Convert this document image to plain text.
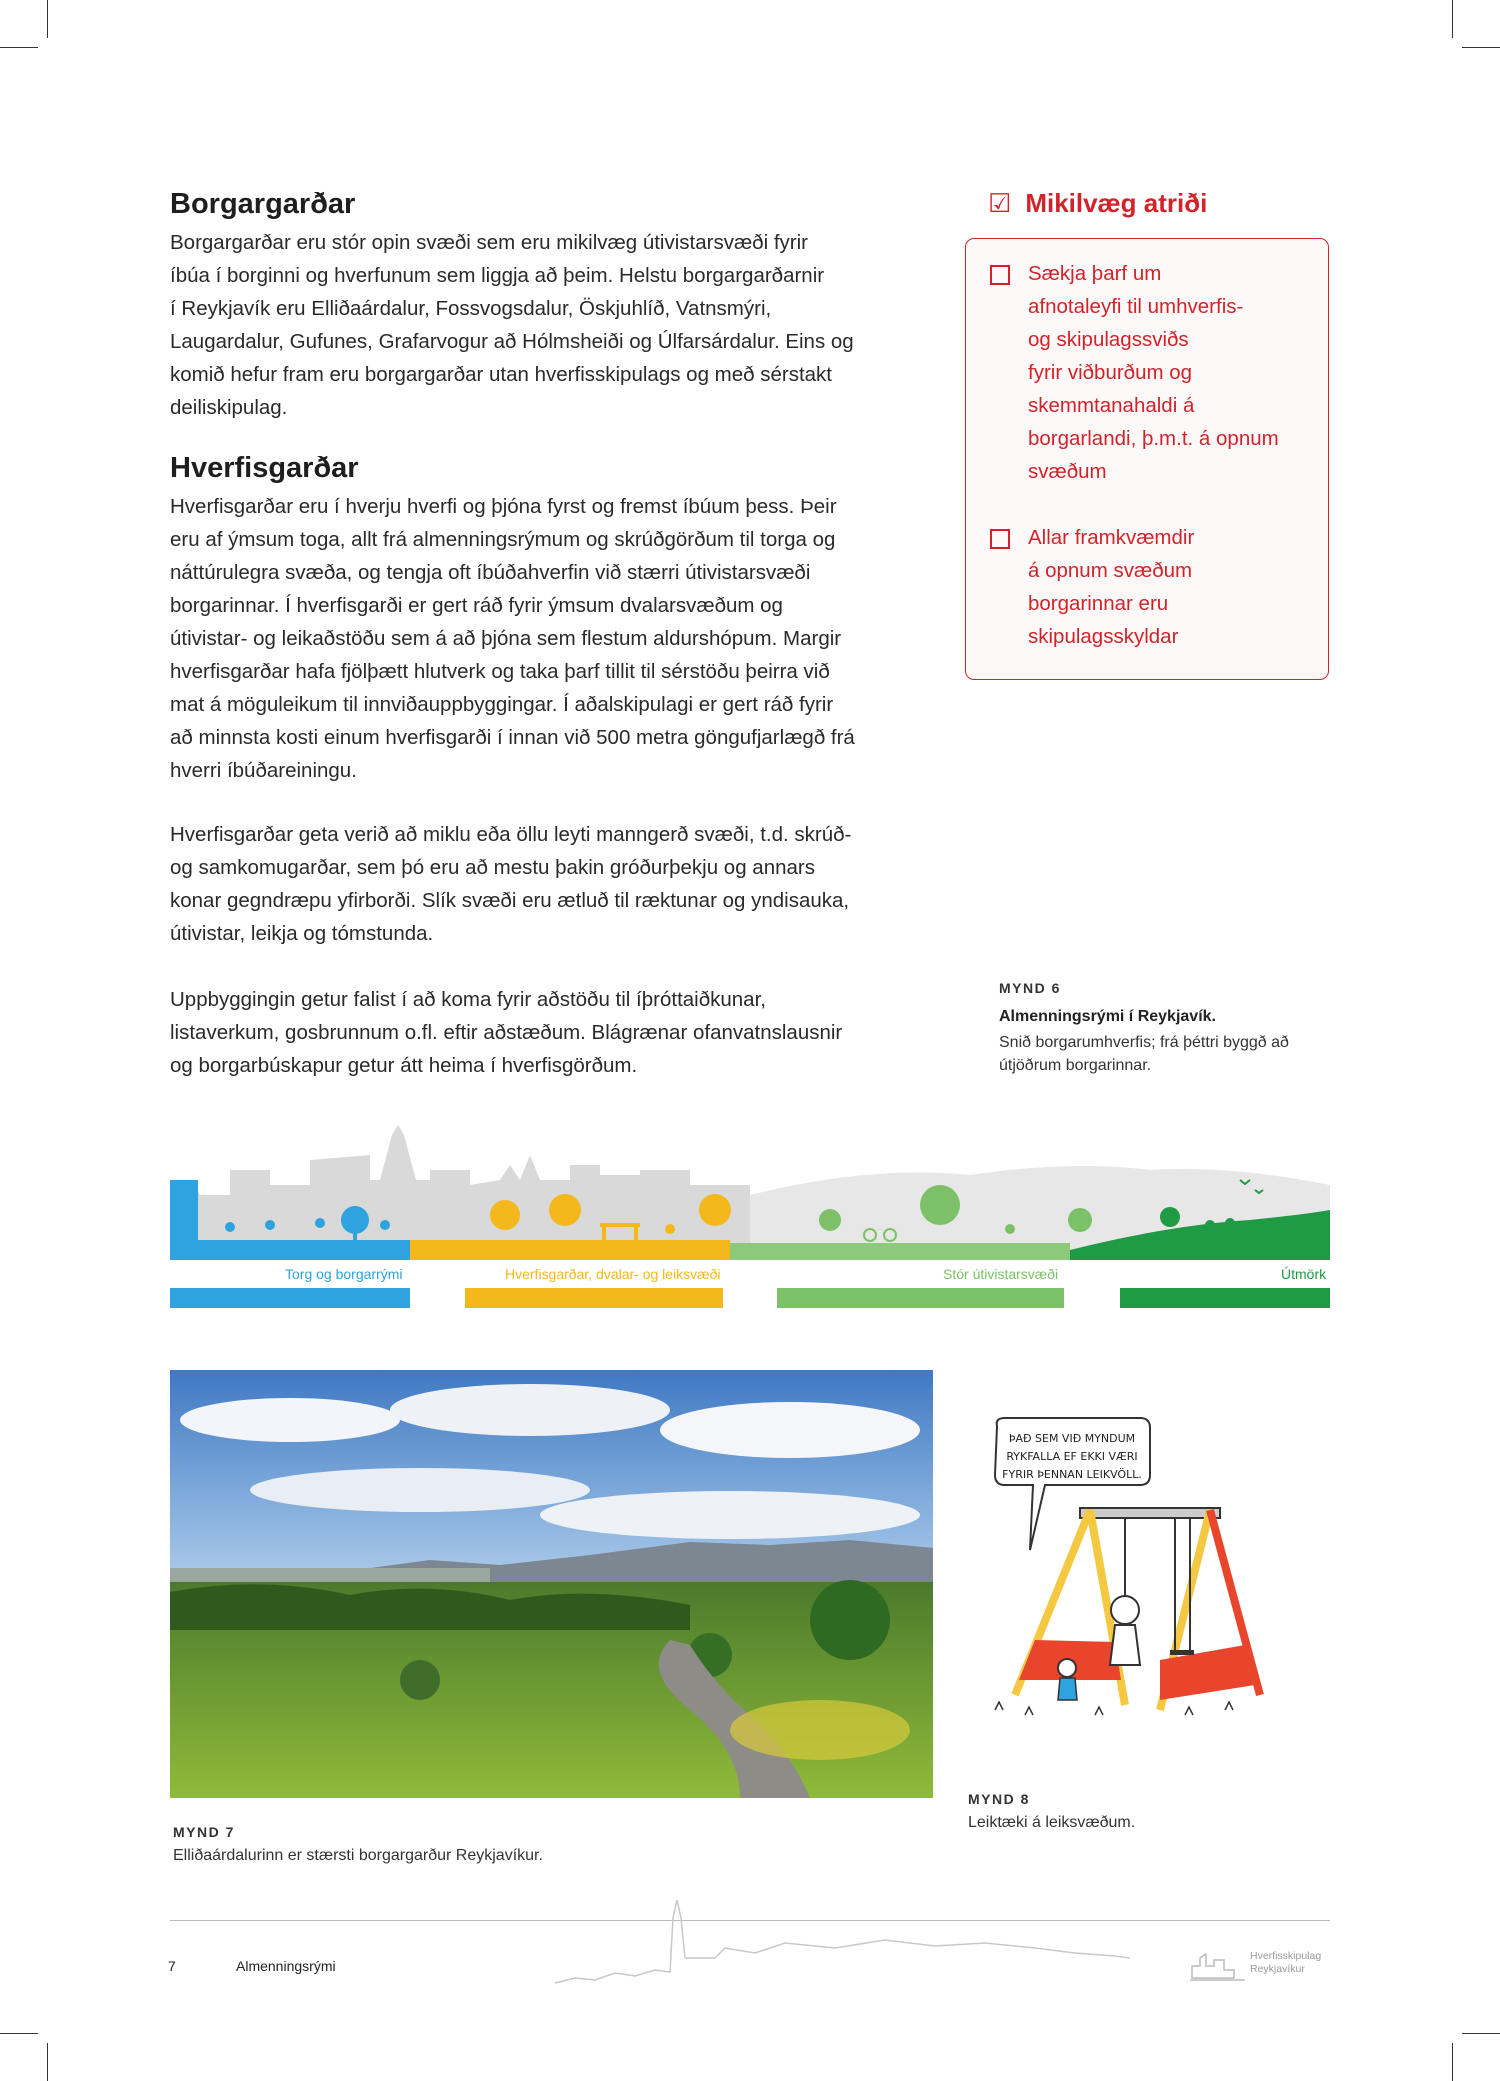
Borgargarðar
Borgargarðar eru stór opin svæði sem eru mikilvæg útivistarsvæði fyrir
íbúa í borginni og hverfunum sem liggja að þeim. Helstu borgargarðarnir
í Reykjavík eru Elliðaárdalur, Fossvogsdalur, Öskjuhlíð, Vatnsmýri,
Laugardalur, Gufunes, Grafarvogur að Hólmsheiði og Úlfarsárdalur. Eins og
komið hefur fram eru borgargarðar utan hverfisskipulags og með sérstakt
deiliskipulag.
Hverfisgarðar
Hverfisgarðar eru í hverju hverfi og þjóna fyrst og fremst íbúum þess. Þeir
eru af ýmsum toga, allt frá almenningsrýmum og skrúðgörðum til torga og
náttúrulegra svæða, og tengja oft íbúðahverfin við stærri útivistarsvæði
borgarinnar. Í hverfisgarði er gert ráð fyrir ýmsum dvalarsvæðum og
útivistar- og leikaðstöðu sem á að þjóna sem flestum aldurshópum. Margir
hverfisgarðar hafa fjölþætt hlutverk og taka þarf tillit til sérstöðu þeirra við
mat á möguleikum til innviðauppbyggingar. Í aðalskipulagi er gert ráð fyrir
að minnsta kosti einum hverfisgarði í innan við 500 metra göngufjarlægð frá
hverri íbúðareiningu.
Hverfisgarðar geta verið að miklu eða öllu leyti manngerð svæði, t.d. skrúð-
og samkomugarðar, sem þó eru að mestu þakin gróðurþekju og annars
konar gegndræpu yfirborði. Slík svæði eru ætluð til ræktunar og yndisauka,
útivistar, leikja og tómstunda.
Uppbyggingin getur falist í að koma fyrir aðstöðu til íþróttaiðkunar,
listaverkum, gosbrunnum o.fl. eftir aðstæðum. Blágrænar ofanvatnslausnir
og borgarbúskapur getur átt heima í hverfisgörðum.
☑ Mikilvæg atriði
Sækja þarf um
afnotaleyfi til umhverfis-
og skipulagssviðs
fyrir viðburðum og
skemmtanahaldi á
borgarlandi, þ.m.t. á opnum
svæðum
Allar framkvæmdir
á opnum svæðum
borgarinnar eru
skipulagsskyldar
MYND 6
Almenningsrými í Reykjavík.
Snið borgarumhverfis; frá þéttri byggð að
útjöðrum borgarinnar.
Torg og borgarrými	Hverfisgarðar, dvalar- og leiksvæði	Stór útivistarsvæði	Útmörk
MYND 7
Elliðaárdalurinn er stærsti borgargarður Reykjavíkur.
ÞAÐ SEM VIÐ MYNDUM
RYKFALLA EF EKKI VÆRI
FYRIR ÞENNAN LEIKVÖLL.
MYND 8
Leiktæki á leiksvæðum.
7	Almenningsrými
Hverfisskipulag
Reykjavíkur
